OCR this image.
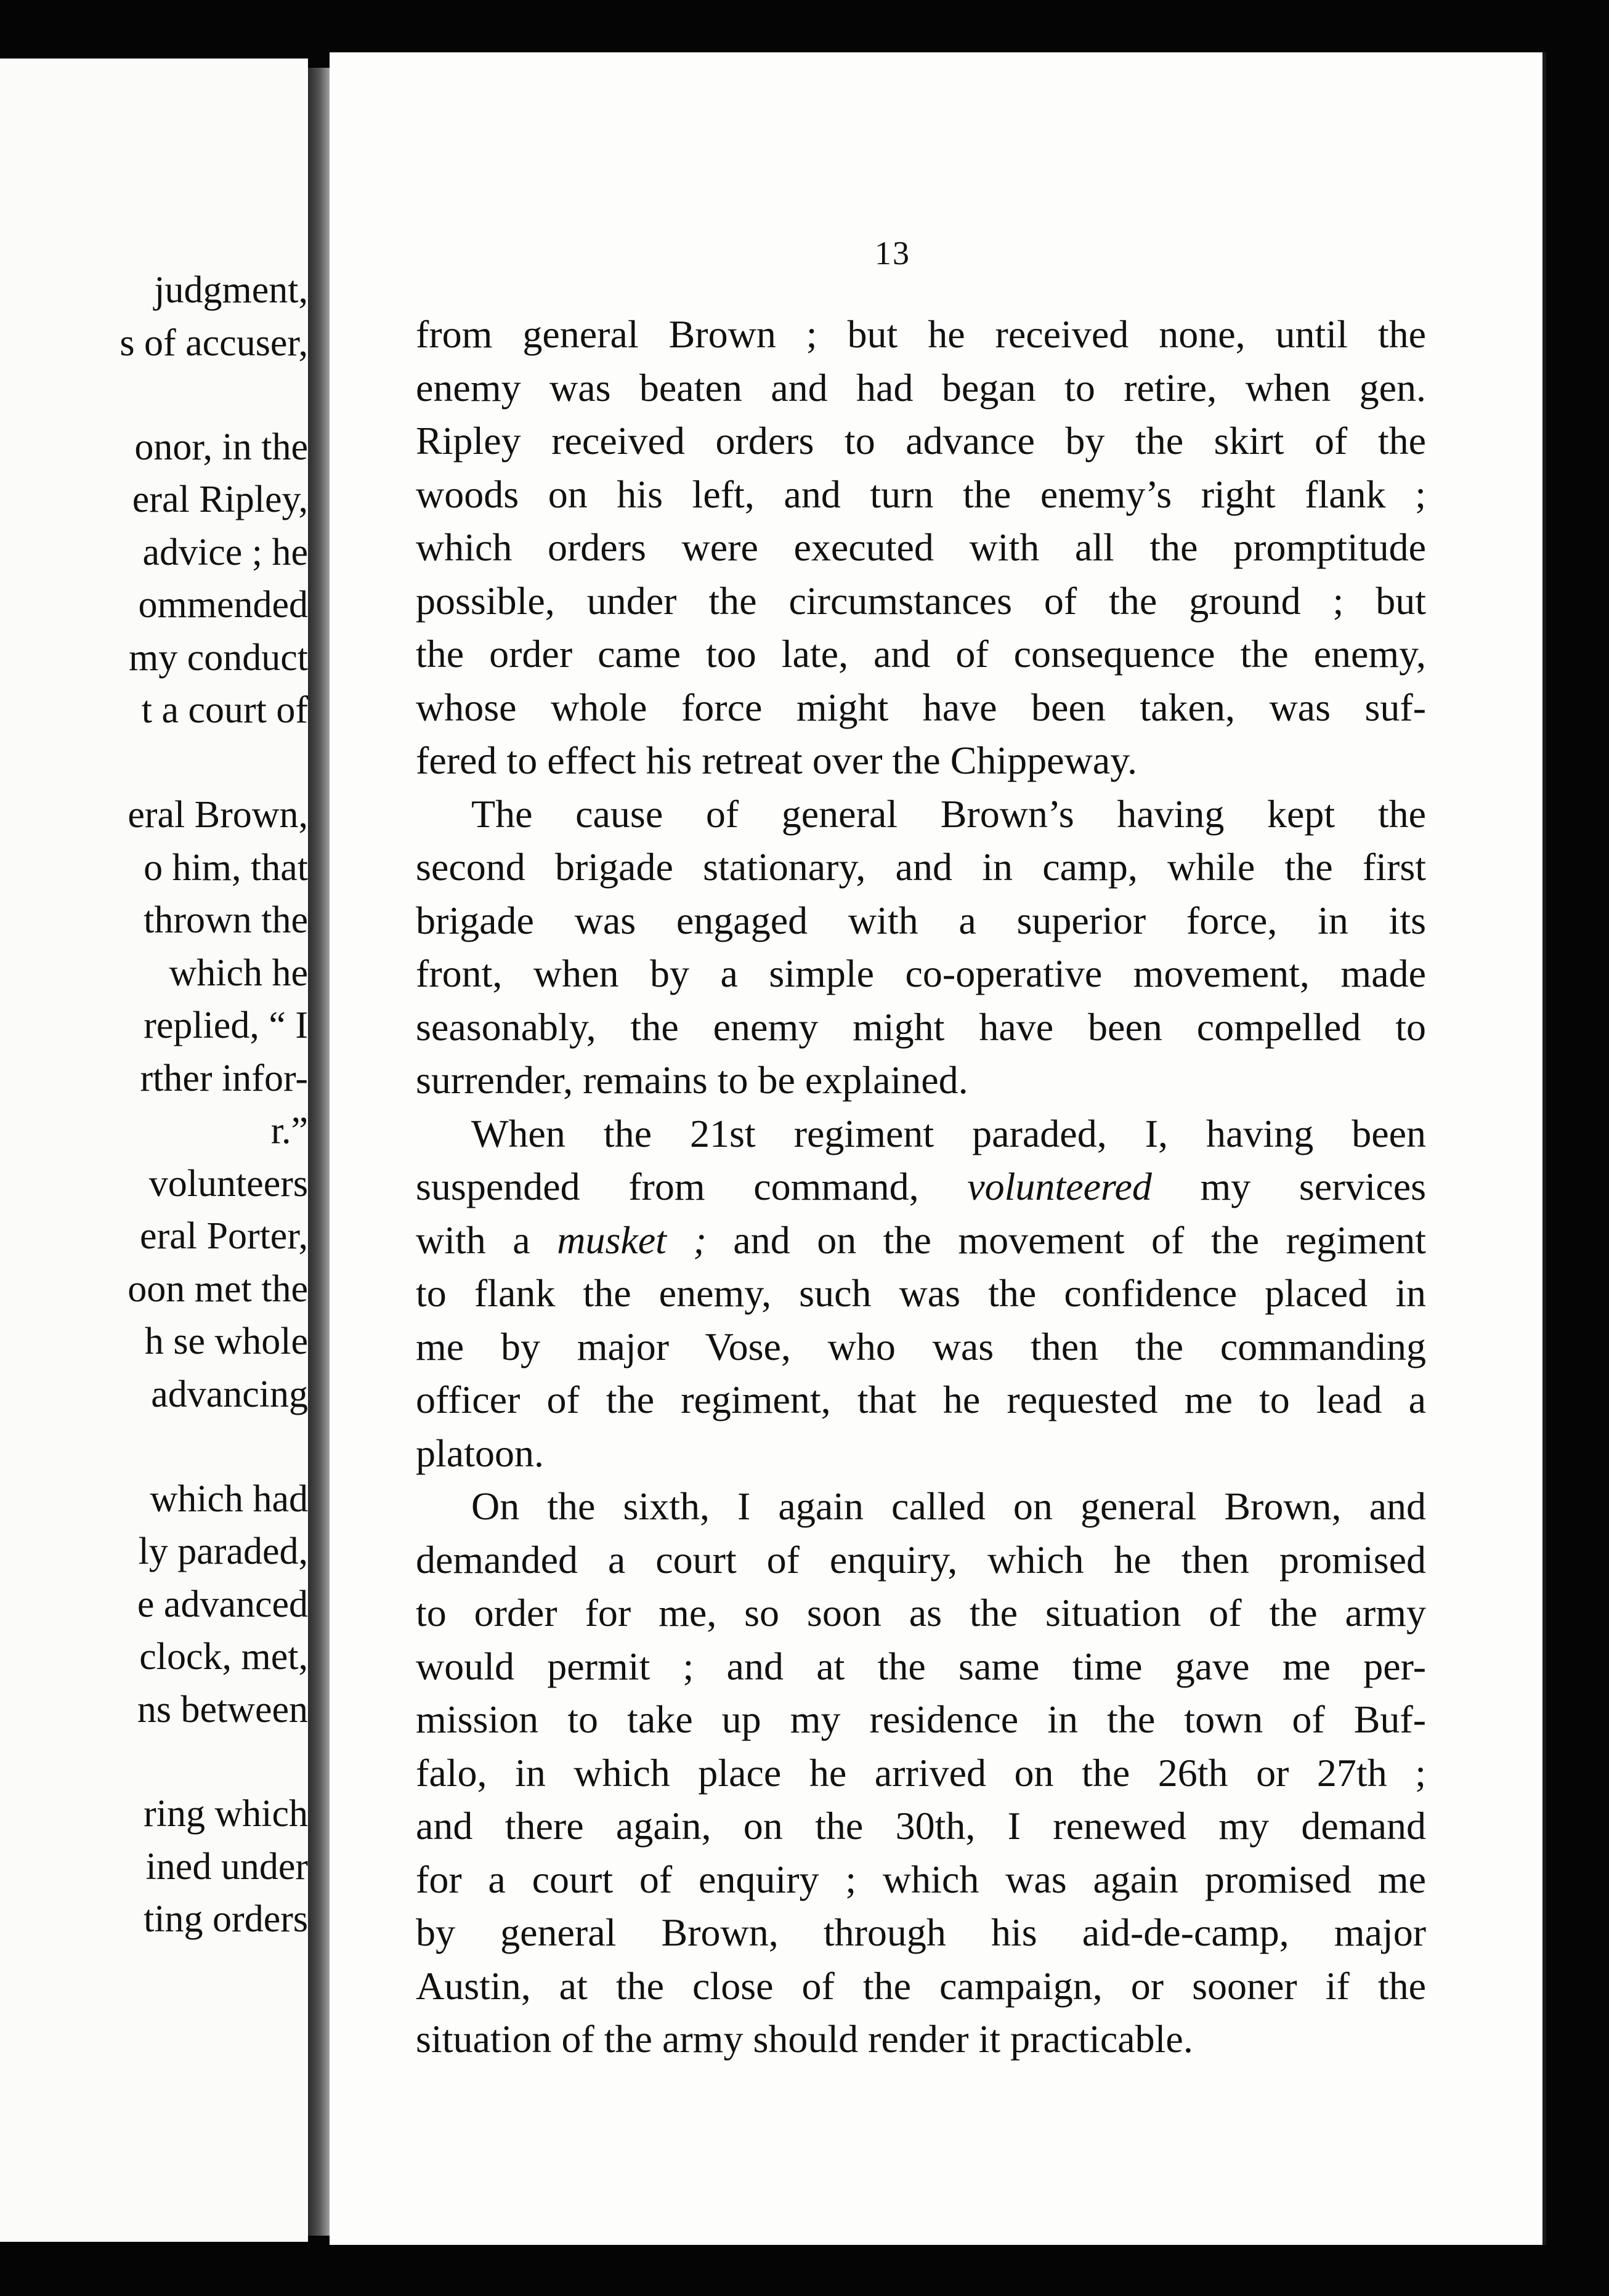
judgment,
s of accuser,
onor, in the
eral Ripley,
advice ; he
ommended
my conduct
t a court of
eral Brown,
o him, that
thrown the
which he
replied, “ I
rther infor-
r.”
volunteers
eral Porter,
oon met the
h se whole
advancing
which had
ly paraded,
e advanced
clock, met,
ns between
ring which
ined under
ting orders
13
from general Brown ; but he received none, until the
enemy was beaten and had began to retire, when gen.
Ripley received orders to advance by the skirt of the
woods on his left, and turn the enemy’s right flank ;
which orders were executed with all the promptitude
possible, under the circumstances of the ground ; but
the order came too late, and of consequence the enemy,
whose whole force might have been taken, was suf-
fered to effect his retreat over the Chippeway.
The cause of general Brown’s having kept the
second brigade stationary, and in camp, while the first
brigade was engaged with a superior force, in its
front, when by a simple co-operative movement, made
seasonably, the enemy might have been compelled to
surrender, remains to be explained.
When the 21st regiment paraded, I, having been
suspended from command, volunteered my services
with a musket ; and on the movement of the regiment
to flank the enemy, such was the confidence placed in
me by major Vose, who was then the commanding
officer of the regiment, that he requested me to lead a
platoon.
On the sixth, I again called on general Brown, and
demanded a court of enquiry, which he then promised
to order for me, so soon as the situation of the army
would permit ; and at the same time gave me per-
mission to take up my residence in the town of Buf-
falo, in which place he arrived on the 26th or 27th ;
and there again, on the 30th, I renewed my demand
for a court of enquiry ; which was again promised me
by general Brown, through his aid-de-camp, major
Austin, at the close of the campaign, or sooner if the
situation of the army should render it practicable.
